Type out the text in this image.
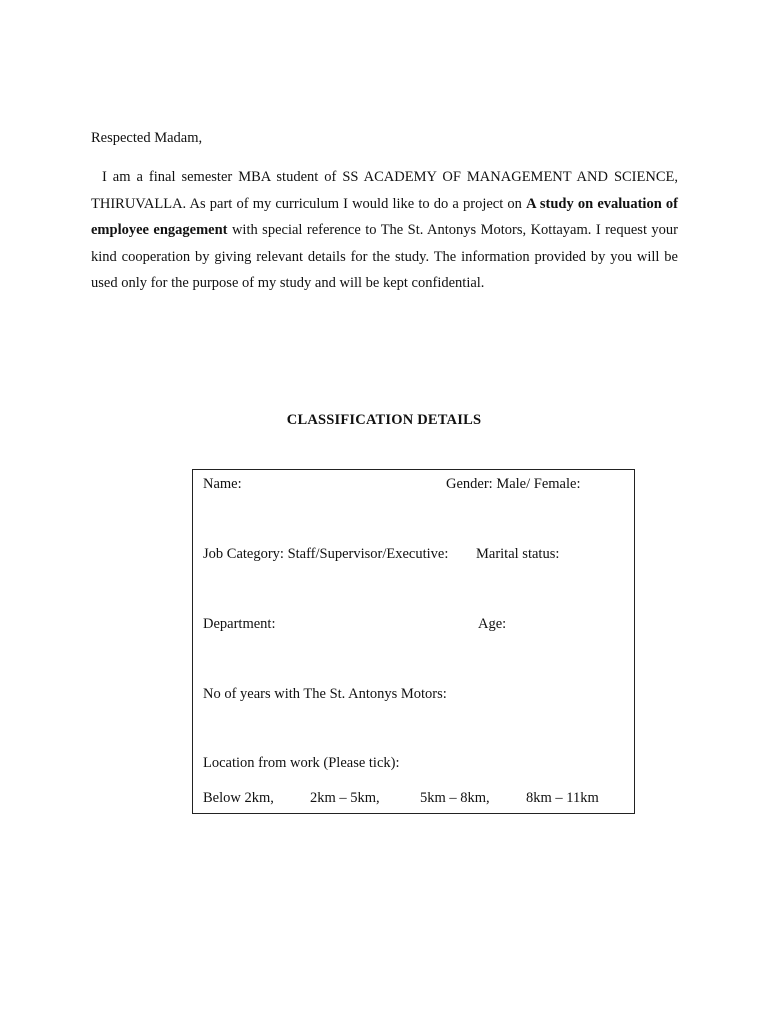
Respected Madam,

I am a final semester MBA student of SS ACADEMY OF MANAGEMENT AND SCIENCE, THIRUVALLA. As part of my curriculum I would like to do a project on A study on evaluation of employee engagement with special reference to The St. Antonys Motors, Kottayam. I request your kind cooperation by giving relevant details for the study. The information provided by you will be used only for the purpose of my study and will be kept confidential.

CLASSIFICATION DETAILS
Name:	Gender: Male/ Female:
Job Category: Staff/Supervisor/Executive: Marital status:
Department:	Age:
No of years with The St. Antonys Motors:
Location from work (Please tick):
Below 2km, 2km – 5km,	5km – 8km,	8km – 11km
